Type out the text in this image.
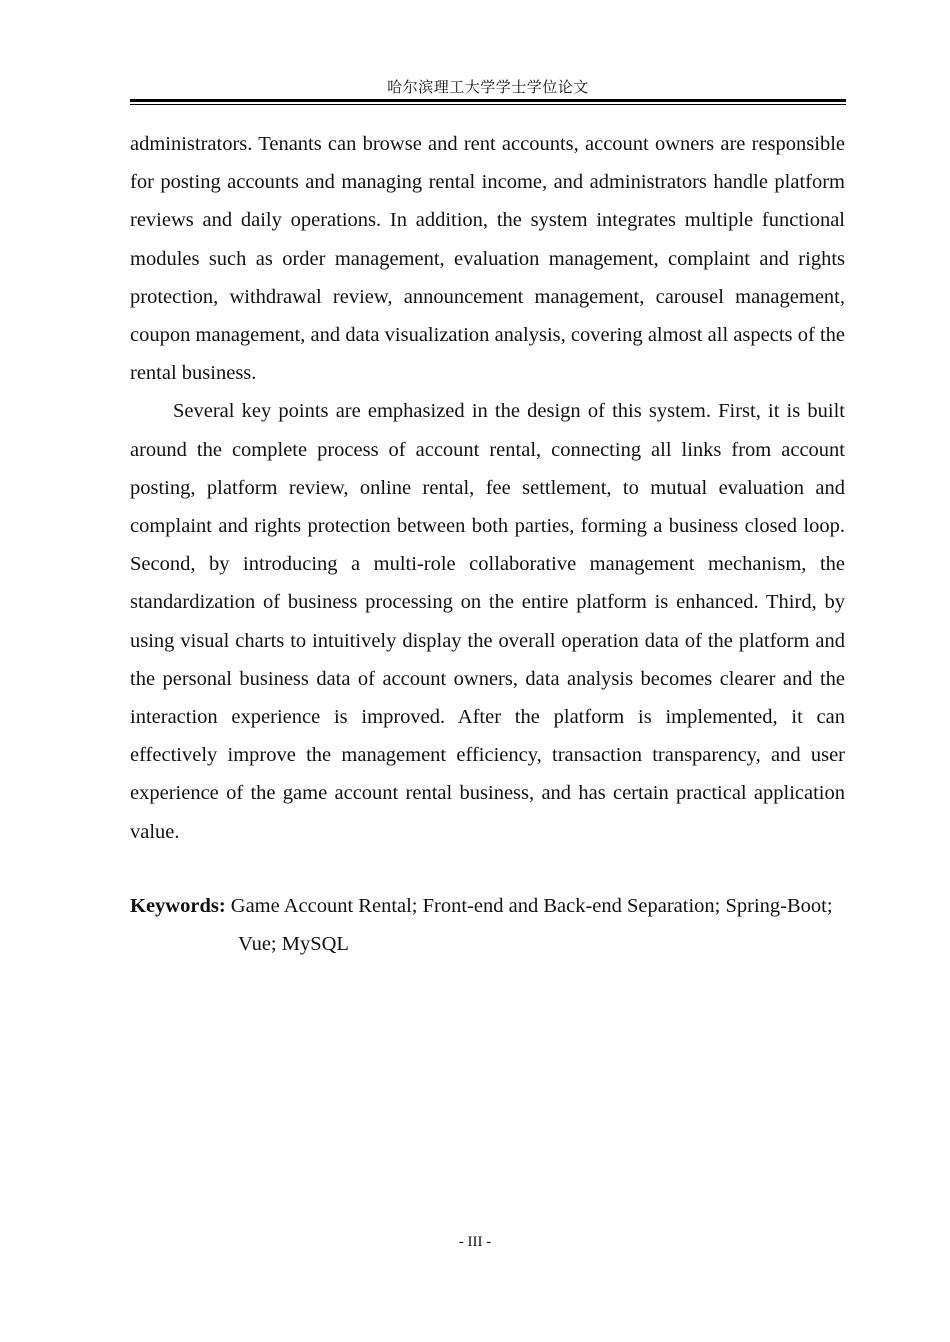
哈尔滨理工大学学士学位论文

administrators. Tenants can browse and rent accounts, account owners are responsible for posting accounts and managing rental income, and administrators handle platform reviews and daily operations. In addition, the system integrates multiple functional modules such as order management, evaluation management, complaint and rights protection, withdrawal review, announcement management, carousel management, coupon management, and data visualization analysis, covering almost all aspects of the rental business.

Several key points are emphasized in the design of this system. First, it is built around the complete process of account rental, connecting all links from account posting, platform review, online rental, fee settlement, to mutual evaluation and complaint and rights protection between both parties, forming a business closed loop. Second, by introducing a multi-role collaborative management mechanism, the standardization of business processing on the entire platform is enhanced. Third, by using visual charts to intuitively display the overall operation data of the platform and the personal business data of account owners, data analysis becomes clearer and the interaction experience is improved. After the platform is implemented, it can effectively improve the management efficiency, transaction transparency, and user experience of the game account rental business, and has certain practical application value.

Keywords: Game Account Rental; Front-end and Back-end Separation; Spring-Boot; Vue; MySQL
- III -
